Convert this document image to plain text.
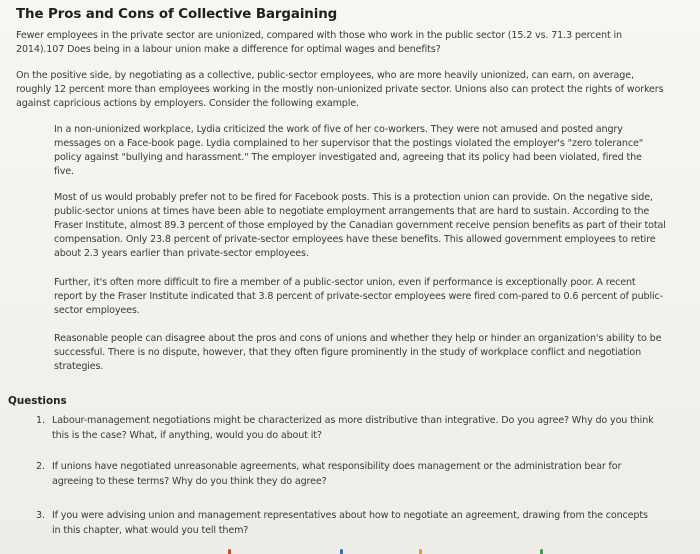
The Pros and Cons of Collective Bargaining

Fewer employees in the private sector are unionized, compared with those who work in the public sector (15.2 vs. 71.3 percent in 2014).107 Does being in a labour union make a difference for optimal wages and benefits?

On the positive side, by negotiating as a collective, public-sector employees, who are more heavily unionized, can earn, on average, roughly 12 percent more than employees working in the mostly non-unionized private sector. Unions also can protect the rights of workers against capricious actions by employers. Consider the following example.

In a non-unionized workplace, Lydia criticized the work of five of her co-workers. They were not amused and posted angry messages on a Face-book page. Lydia complained to her supervisor that the postings violated the employer's "zero tolerance" policy against "bullying and harassment." The employer investigated and, agreeing that its policy had been violated, fired the five.

Most of us would probably prefer not to be fired for Facebook posts. This is a protection union can provide. On the negative side, public-sector unions at times have been able to negotiate employment arrangements that are hard to sustain. According to the Fraser Institute, almost 89.3 percent of those employed by the Canadian government receive pension benefits as part of their total compensation. Only 23.8 percent of private-sector employees have these benefits. This allowed government employees to retire about 2.3 years earlier than private-sector employees.

Further, it's often more difficult to fire a member of a public-sector union, even if performance is exceptionally poor. A recent report by the Fraser Institute indicated that 3.8 percent of private-sector employees were fired com-pared to 0.6 percent of public-sector employees.

Reasonable people can disagree about the pros and cons of unions and whether they help or hinder an organization's ability to be successful. There is no dispute, however, that they often figure prominently in the study of workplace conflict and negotiation strategies.

Questions
1. Labour-management negotiations might be characterized as more distributive than integrative. Do you agree? Why do you think this is the case? What, if anything, would you do about it?
2. If unions have negotiated unreasonable agreements, what responsibility does management or the administration bear for agreeing to these terms? Why do you think they do agree?
3. If you were advising union and management representatives about how to negotiate an agreement, drawing from the concepts in this chapter, what would you tell them?
